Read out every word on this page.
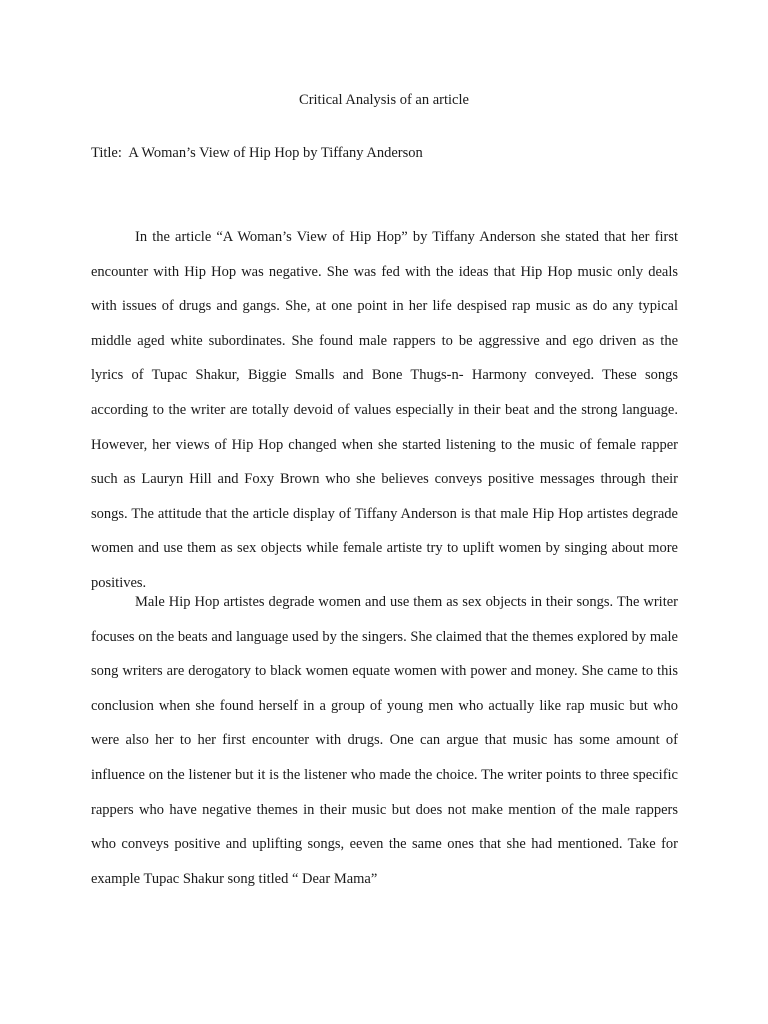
Critical Analysis of an article

Title:  A Woman’s View of Hip Hop by Tiffany Anderson

In the article “A Woman’s View of Hip Hop” by Tiffany Anderson she stated that her first encounter with Hip Hop was negative. She was fed with the ideas that Hip Hop music only deals with issues of drugs and gangs. She, at one point in her life despised rap music as do any typical middle aged white subordinates. She found male rappers to be aggressive and ego driven as the lyrics of Tupac Shakur, Biggie Smalls and Bone Thugs-n- Harmony conveyed. These songs according to the writer are totally devoid of values especially in their beat and the strong language. However, her views of Hip Hop changed when she started listening to the music of female rapper such as Lauryn Hill and Foxy Brown who she believes conveys positive messages through their songs. The attitude that the article display of Tiffany Anderson is that male Hip Hop artistes degrade women and use them as sex objects while female artiste try to uplift women by singing about more positives.

Male Hip Hop artistes degrade women and use them as sex objects in their songs. The writer focuses on the beats and language used by the singers. She claimed that the themes explored by male song writers are derogatory to black women equate women with power and money. She came to this conclusion when she found herself in a group of young men who actually like rap music but who were also her to her first encounter with drugs. One can argue that music has some amount of influence on the listener but it is the listener who made the choice. The writer points to three specific rappers who have negative themes in their music but does not make mention of the male rappers who conveys positive and uplifting songs, eeven the same ones that she had mentioned. Take for example Tupac Shakur song titled “ Dear Mama”
